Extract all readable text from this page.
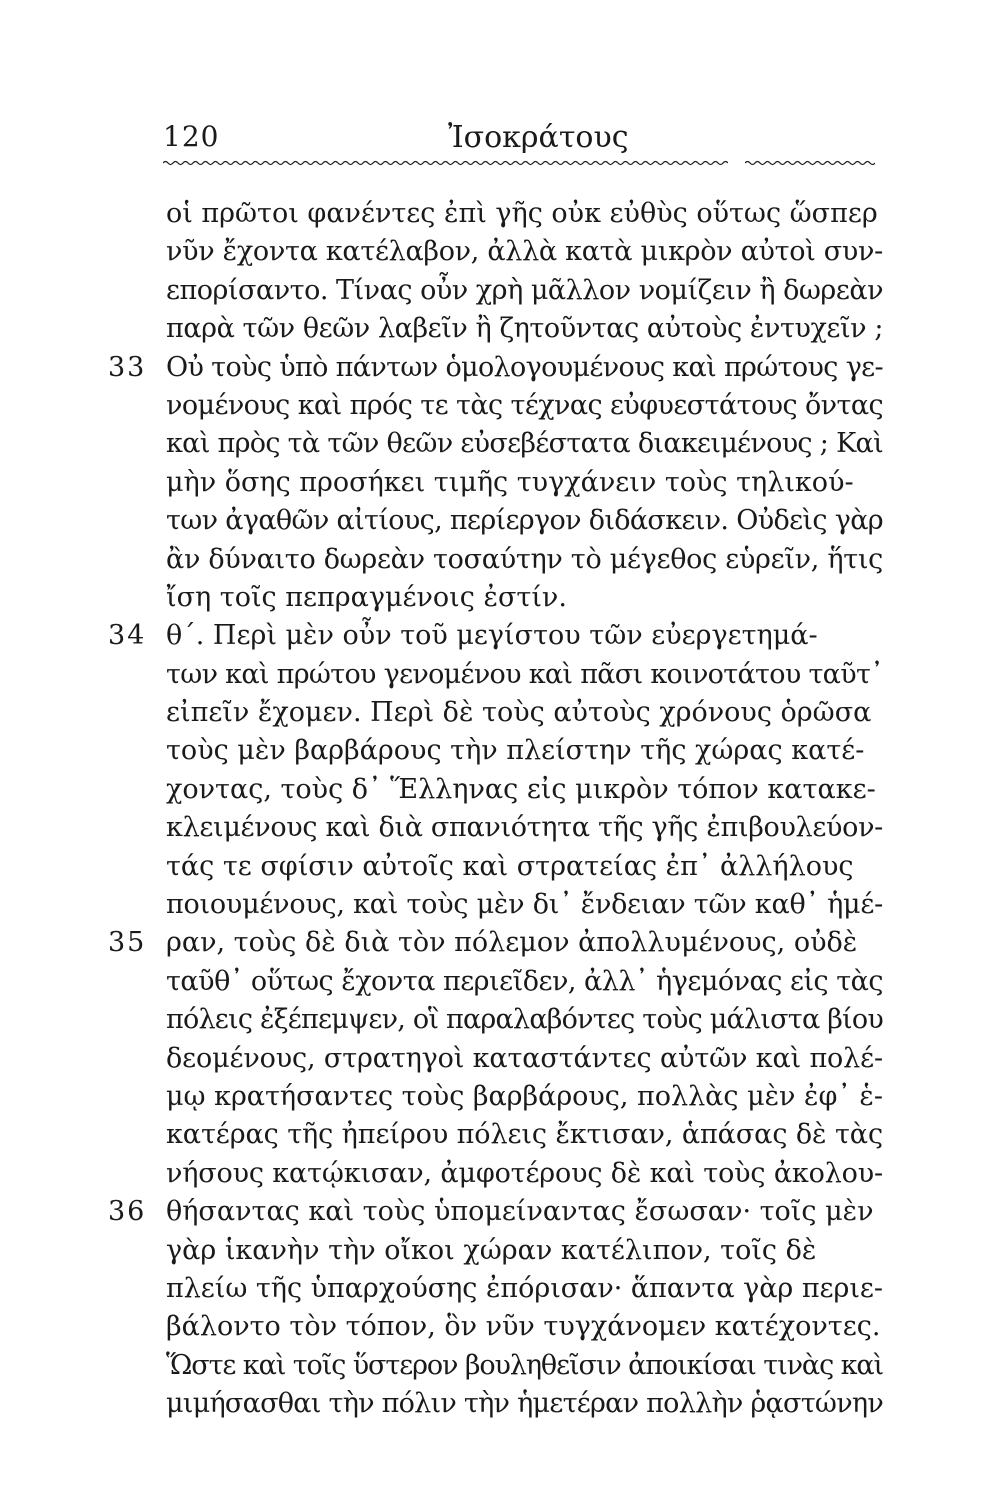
120	Ἰσοκράτους
οἱ πρῶτοι φανέντες ἐπὶ γῆς οὐκ εὐθὺς οὕτως ὥσπερ
νῦν ἔχοντα κατέλαβον, ἀλλὰ κατὰ μικρὸν αὐτοὶ συν-
επορίσαντο. Τίνας οὖν χρὴ μᾶλλον νομίζειν ἢ δωρεὰν
παρὰ τῶν θεῶν λαβεῖν ἢ ζητοῦντας αὐτοὺς ἐντυχεῖν ;
33 Οὐ τοὺς ὑπὸ πάντων ὁμολογουμένους καὶ πρώτους γε-
νομένους καὶ πρός τε τὰς τέχνας εὐφυεστάτους ὄντας
καὶ πρὸς τὰ τῶν θεῶν εὐσεβέστατα διακειμένους ; Καὶ
μὴν ὅσης προσήκει τιμῆς τυγχάνειν τοὺς τηλικού-
των ἀγαθῶν αἰτίους, περίεργον διδάσκειν. Οὐδεὶς γὰρ
ἂν δύναιτο δωρεὰν τοσαύτην τὸ μέγεθος εὑρεῖν, ἥτις
ἴση τοῖς πεπραγμένοις ἐστίν.
34 θ΄. Περὶ μὲν οὖν τοῦ μεγίστου τῶν εὐεργετημά-
των καὶ πρώτου γενομένου καὶ πᾶσι κοινοτάτου ταῦτ᾽
εἰπεῖν ἔχομεν. Περὶ δὲ τοὺς αὐτοὺς χρόνους ὁρῶσα
τοὺς μὲν βαρβάρους τὴν πλείστην τῆς χώρας κατέ-
χοντας, τοὺς δ᾽ Ἕλληνας εἰς μικρὸν τόπον κατακε-
κλειμένους καὶ διὰ σπανιότητα τῆς γῆς ἐπιβουλεύον-
τάς τε σφίσιν αὐτοῖς καὶ στρατείας ἐπ᾽ ἀλλήλους
ποιουμένους, καὶ τοὺς μὲν δι᾽ ἔνδειαν τῶν καθ᾽ ἡμέ-
35 ραν, τοὺς δὲ διὰ τὸν πόλεμον ἀπολλυμένους, οὐδὲ
ταῦθ᾽ οὕτως ἔχοντα περιεῖδεν, ἀλλ᾽ ἡγεμόνας εἰς τὰς
πόλεις ἐξέπεμψεν, οἳ παραλαβόντες τοὺς μάλιστα βίου
δεομένους, στρατηγοὶ καταστάντες αὐτῶν καὶ πολέ-
μῳ κρατήσαντες τοὺς βαρβάρους, πολλὰς μὲν ἐφ᾽ ἑ-
κατέρας τῆς ἠπείρου πόλεις ἔκτισαν, ἁπάσας δὲ τὰς
νήσους κατῴκισαν, ἀμφοτέρους δὲ καὶ τοὺς ἀκολου-
36 θήσαντας καὶ τοὺς ὑπομείναντας ἔσωσαν· τοῖς μὲν
γὰρ ἱκανὴν τὴν οἴκοι χώραν κατέλιπον, τοῖς δὲ
πλείω τῆς ὑπαρχούσης ἐπόρισαν· ἅπαντα γὰρ περιε-
βάλοντο τὸν τόπον, ὃν νῦν τυγχάνομεν κατέχοντες.
Ὥστε καὶ τοῖς ὕστερον βουληθεῖσιν ἀποικίσαι τινὰς καὶ
μιμήσασθαι τὴν πόλιν τὴν ἡμετέραν πολλὴν ῥᾳστώνην
